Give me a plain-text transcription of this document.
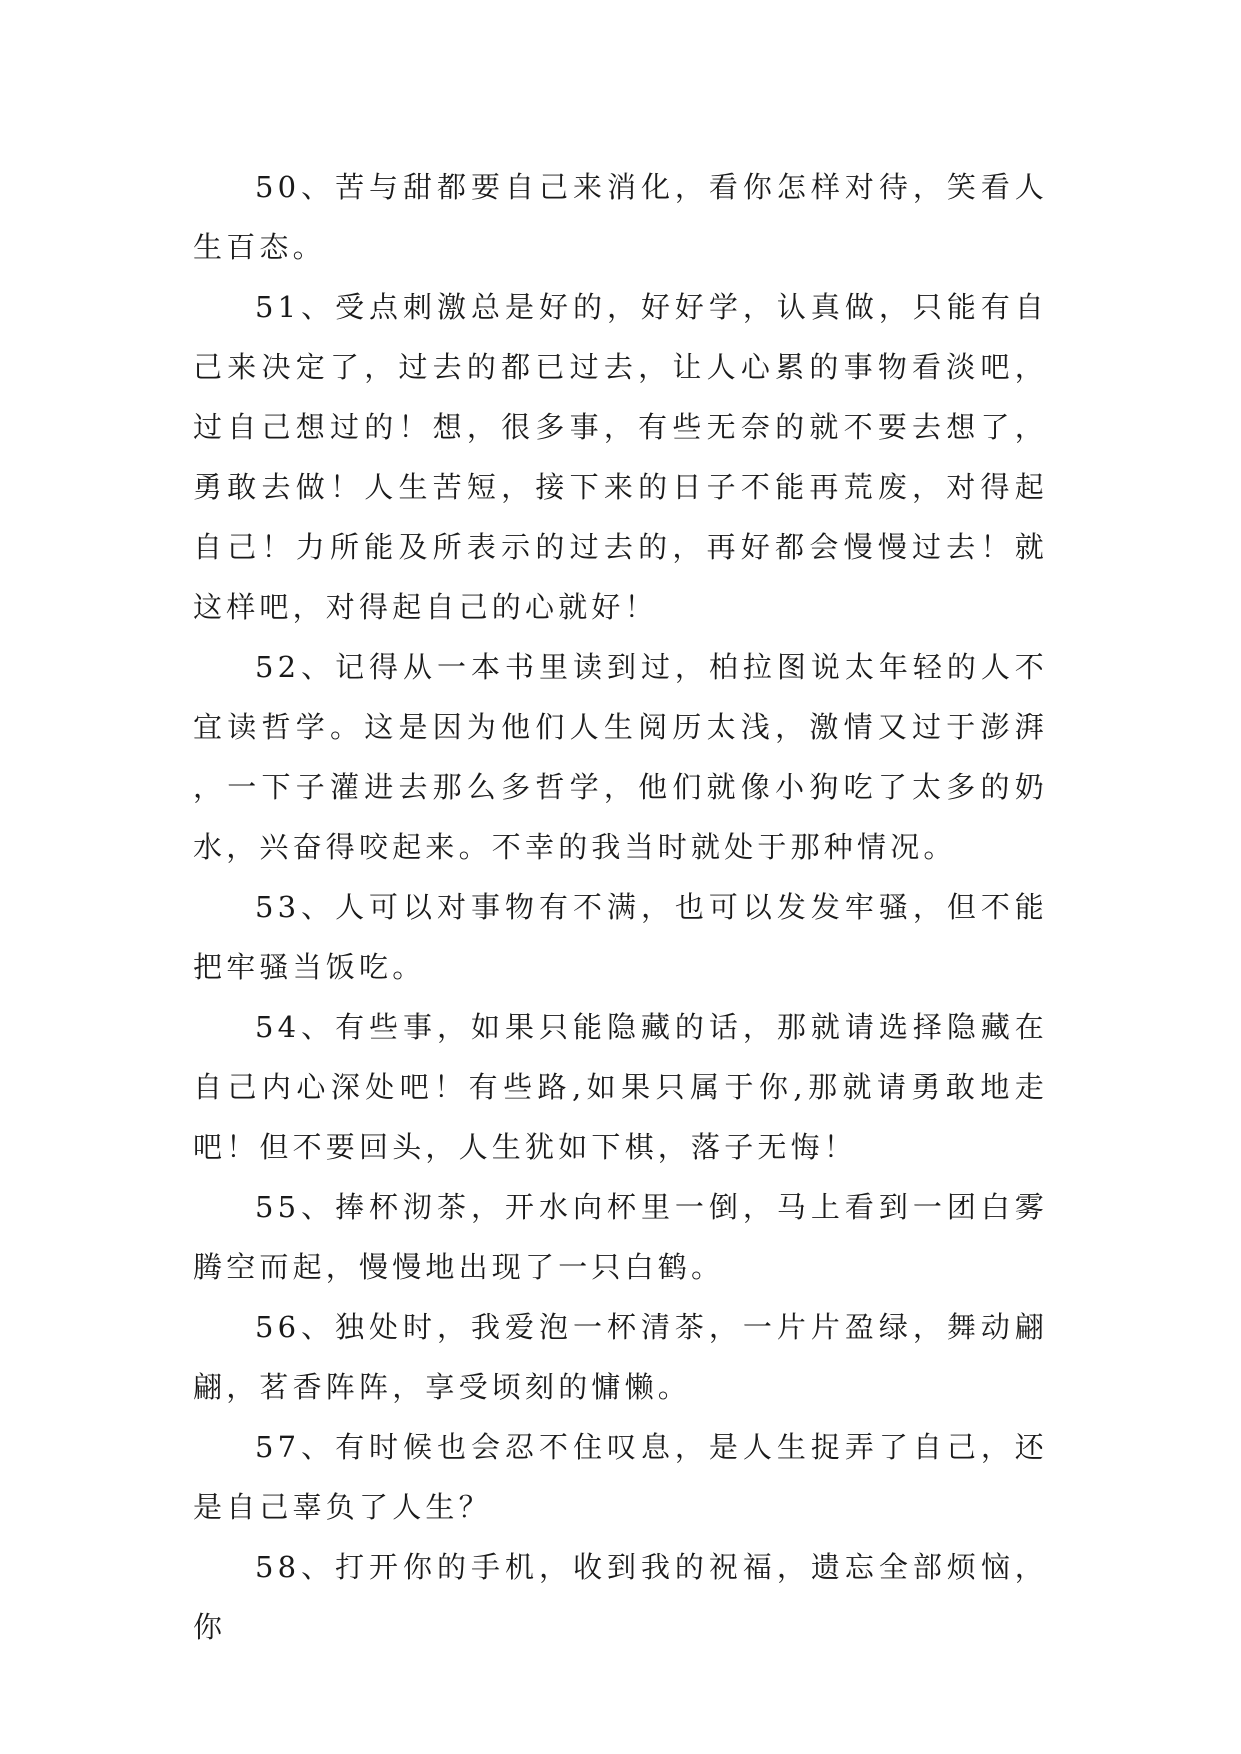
50、苦与甜都要自己来消化，看你怎样对待，笑看人生百态。

51、受点刺激总是好的，好好学，认真做，只能有自己来决定了，过去的都已过去，让人心累的事物看淡吧，过自己想过的！想，很多事，有些无奈的就不要去想了，勇敢去做！人生苦短，接下来的日子不能再荒废，对得起自己！力所能及所表示的过去的，再好都会慢慢过去！就这样吧，对得起自己的心就好！

52、记得从一本书里读到过，柏拉图说太年轻的人不宜读哲学。这是因为他们人生阅历太浅，激情又过于澎湃，一下子灌进去那么多哲学，他们就像小狗吃了太多的奶水，兴奋得咬起来。不幸的我当时就处于那种情况。

53、人可以对事物有不满，也可以发发牢骚，但不能把牢骚当饭吃。

54、有些事，如果只能隐藏的话，那就请选择隐藏在自己内心深处吧！有些路,如果只属于你,那就请勇敢地走吧！但不要回头，人生犹如下棋，落子无悔！

55、捧杯沏茶，开水向杯里一倒，马上看到一团白雾腾空而起，慢慢地出现了一只白鹤。

56、独处时，我爱泡一杯清茶，一片片盈绿，舞动翩翩，茗香阵阵，享受顷刻的慵懒。

57、有时候也会忍不住叹息，是人生捉弄了自己，还是自己辜负了人生？

58、打开你的手机，收到我的祝福，遗忘全部烦恼，你
